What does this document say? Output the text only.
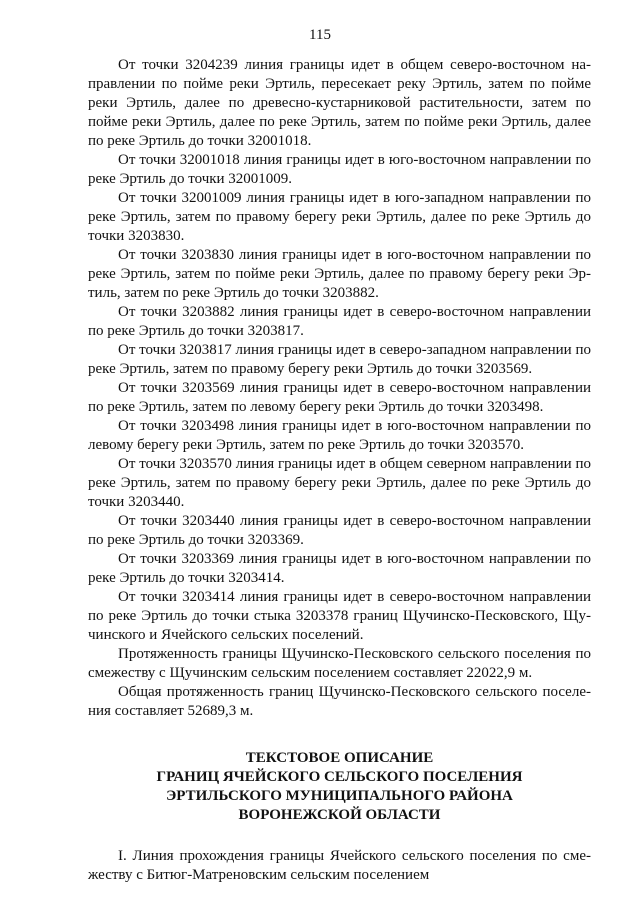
115

От точки 3204239 линия границы идет в общем северо-восточном направлении по пойме реки Эртиль, пересекает реку Эртиль, затем по пойме реки Эртиль, далее по древесно-кустарниковой растительности, затем по пойме реки Эртиль, далее по реке Эртиль, затем по пойме реки Эртиль, далее по реке Эртиль до точки 32001018.

От точки 32001018 линия границы идет в юго-восточном направлении по реке Эртиль до точки 32001009.

От точки 32001009 линия границы идет в юго-западном направлении по реке Эртиль, затем по правому берегу реки Эртиль, далее по реке Эртиль до точки 3203830.

От точки 3203830 линия границы идет в юго-восточном направлении по реке Эртиль, затем по пойме реки Эртиль, далее по правому берегу реки Эртиль, затем по реке Эртиль до точки 3203882.

От точки 3203882 линия границы идет в северо-восточном направлении по реке Эртиль до точки 3203817.

От точки 3203817 линия границы идет в северо-западном направлении по реке Эртиль, затем по правому берегу реки Эртиль до точки 3203569.

От точки 3203569 линия границы идет в северо-восточном направлении по реке Эртиль, затем по левому берегу реки Эртиль до точки 3203498.

От точки 3203498 линия границы идет в юго-восточном направлении по левому берегу реки Эртиль, затем по реке Эртиль до точки 3203570.

От точки 3203570 линия границы идет в общем северном направлении по реке Эртиль, затем по правому берегу реки Эртиль, далее по реке Эртиль до точки 3203440.

От точки 3203440 линия границы идет в северо-восточном направлении по реке Эртиль до точки 3203369.

От точки 3203369 линия границы идет в юго-восточном направлении по реке Эртиль до точки 3203414.

От точки 3203414 линия границы идет в северо-восточном направлении по реке Эртиль до точки стыка 3203378 границ Щучинско-Песковского, Щучинского и Ячейского сельских поселений.

Протяженность границы Щучинско-Песковского сельского поселения по смежеству с Щучинским сельским поселением составляет 22022,9 м.

Общая протяженность границ Щучинско-Песковского сельского поселения составляет 52689,3 м.

ТЕКСТОВОЕ ОПИСАНИЕ
ГРАНИЦ ЯЧЕЙСКОГО СЕЛЬСКОГО ПОСЕЛЕНИЯ
ЭРТИЛЬСКОГО МУНИЦИПАЛЬНОГО РАЙОНА
ВОРОНЕЖСКОЙ ОБЛАСТИ

I. Линия прохождения границы Ячейского сельского поселения по смежеству с Битюг-Матреновским сельским поселением
